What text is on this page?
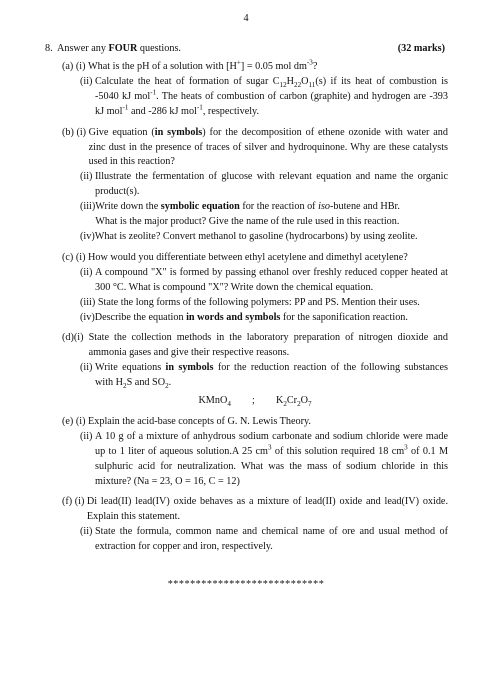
4
8. Answer any FOUR questions.	(32 marks)
(a)
(i)
What is the pH of a solution with [H+] = 0.05 mol $dm^{-3}$?
(ii)
Calculate the heat of formation of sugar $C_{12}H_{22}O_{11}(s)$ if its heat of combustion is -5040 kJ mol$^{-1}$. The heats of combustion of carbon (graphite) and hydrogen are -393 kJ mol$^{-1}$ and -286 kJ mol$^{-1}$, respectively.
(b)
(i)
Give equation (in symbols) for the decomposition of ethene ozonide with water and zinc dust in the presence of traces of silver and hydroquinone. Why are these catalysts used in this reaction?
(ii)
Illustrate the fermentation of glucose with relevant equation and name the organic product(s).
(iii) Write down the symbolic equation for the reaction of iso-butene and HBr.
What is the major product? Give the name of the rule used in this reaction.
(iv) What is zeolite? Convert methanol to gasoline (hydrocarbons) by using zeolite.
(c)
(i)
How would you differentiate between ethyl acetylene and dimethyl acetylene?
(ii)
A compound "X" is formed by passing ethanol over freshly reduced copper heated at 300 °C. What is compound "X"? Write down the chemical equation.
(iii)
State the long forms of the following polymers: PP and PS. Mention their uses.
(iv) Describe the equation in words and symbols for the saponification reaction.
(d) (i)
State the collection methods in the laboratory preparation of nitrogen dioxide and ammonia gases and give their respective reasons.
(ii)
Write equations in symbols for the reduction reaction of the following substances with $H_2S$ and $SO_2$.
KMnO$_4$ ; $K_2Cr_2O_7$
(e)
(i)
Explain the acid-base concepts of G. N. Lewis Theory.
(ii)
A 10 g of a mixture of anhydrous sodium carbonate and sodium chloride were made up to 1 liter of aqueous solution.A 25 $cm^3$ of this solution required 18 $cm^3$ of 0.1 M sulphuric acid for neutralization. What was the mass of sodium chloride in this mixture? (Na = 23, O = 16, C = 12)
(f)
(i)
Di lead(II) lead(IV) oxide behaves as a mixture of lead(II) oxide and lead(IV) oxide. Explain this statement.
(ii)
State the formula, common name and chemical name of ore and usual method of extraction for copper and iron, respectively.
****************************
